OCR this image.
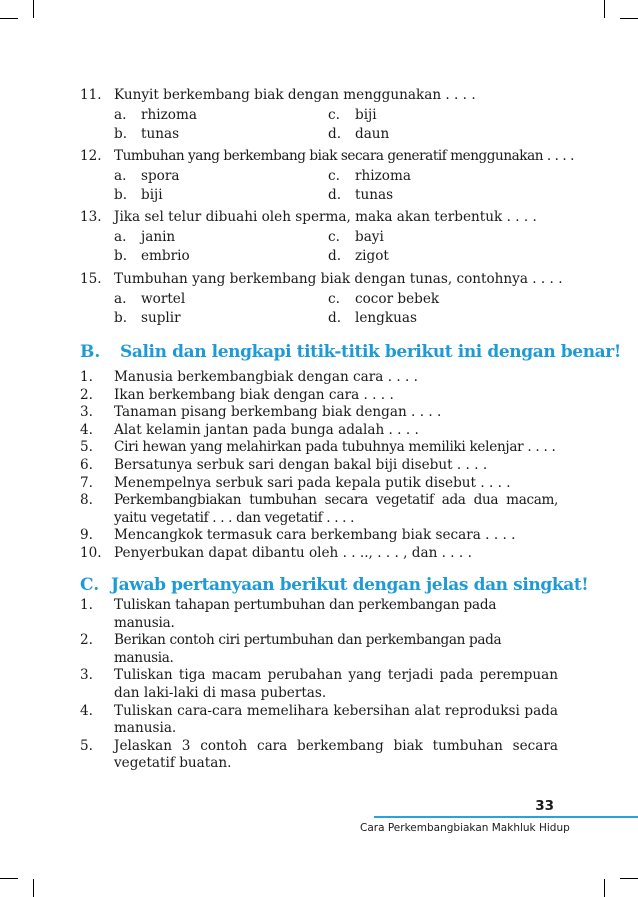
11. Kunyit berkembang biak dengan menggunakan . . . .
a. rhizoma	c. biji
b. tunas	d. daun
12. Tumbuhan yang berkembang biak secara generatif menggunakan . . . .
a. spora	c. rhizoma
b. biji	d. tunas
13. Jika sel telur dibuahi oleh sperma, maka akan terbentuk . . . .
a. janin	c. bayi
b. embrio	d. zigot
15. Tumbuhan yang berkembang biak dengan tunas, contohnya . . . .
a. wortel	c. cocor bebek
b. suplir	d. lengkuas
B. Salin dan lengkapi titik-titik berikut ini dengan benar!
1. Manusia berkembangbiak dengan cara . . . .
2. Ikan berkembang biak dengan cara . . . .
3. Tanaman pisang berkembang biak dengan . . . .
4. Alat kelamin jantan pada bunga adalah . . . .
5. Ciri hewan yang melahirkan pada tubuhnya memiliki kelenjar . . . .
6. Bersatunya serbuk sari dengan bakal biji disebut . . . .
7. Menempelnya serbuk sari pada kepala putik disebut . . . .
8. Perkembangbiakan tumbuhan secara vegetatif ada dua macam, yaitu vegetatif . . . dan vegetatif . . . .
9. Mencangkok termasuk cara berkembang biak secara . . . .
10. Penyerbukan dapat dibantu oleh . . .., . . . , dan . . . .
C. Jawab pertanyaan berikut dengan jelas dan singkat!
1. Tuliskan tahapan pertumbuhan dan perkembangan pada manusia.
2. Berikan contoh ciri pertumbuhan dan perkembangan pada manusia.
3. Tuliskan tiga macam perubahan yang terjadi pada perempuan dan laki-laki di masa pubertas.
4. Tuliskan cara-cara memelihara kebersihan alat reproduksi pada manusia.
5. Jelaskan 3 contoh cara berkembang biak tumbuhan secara vegetatif buatan.
33
Cara Perkembangbiakan Makhluk Hidup
